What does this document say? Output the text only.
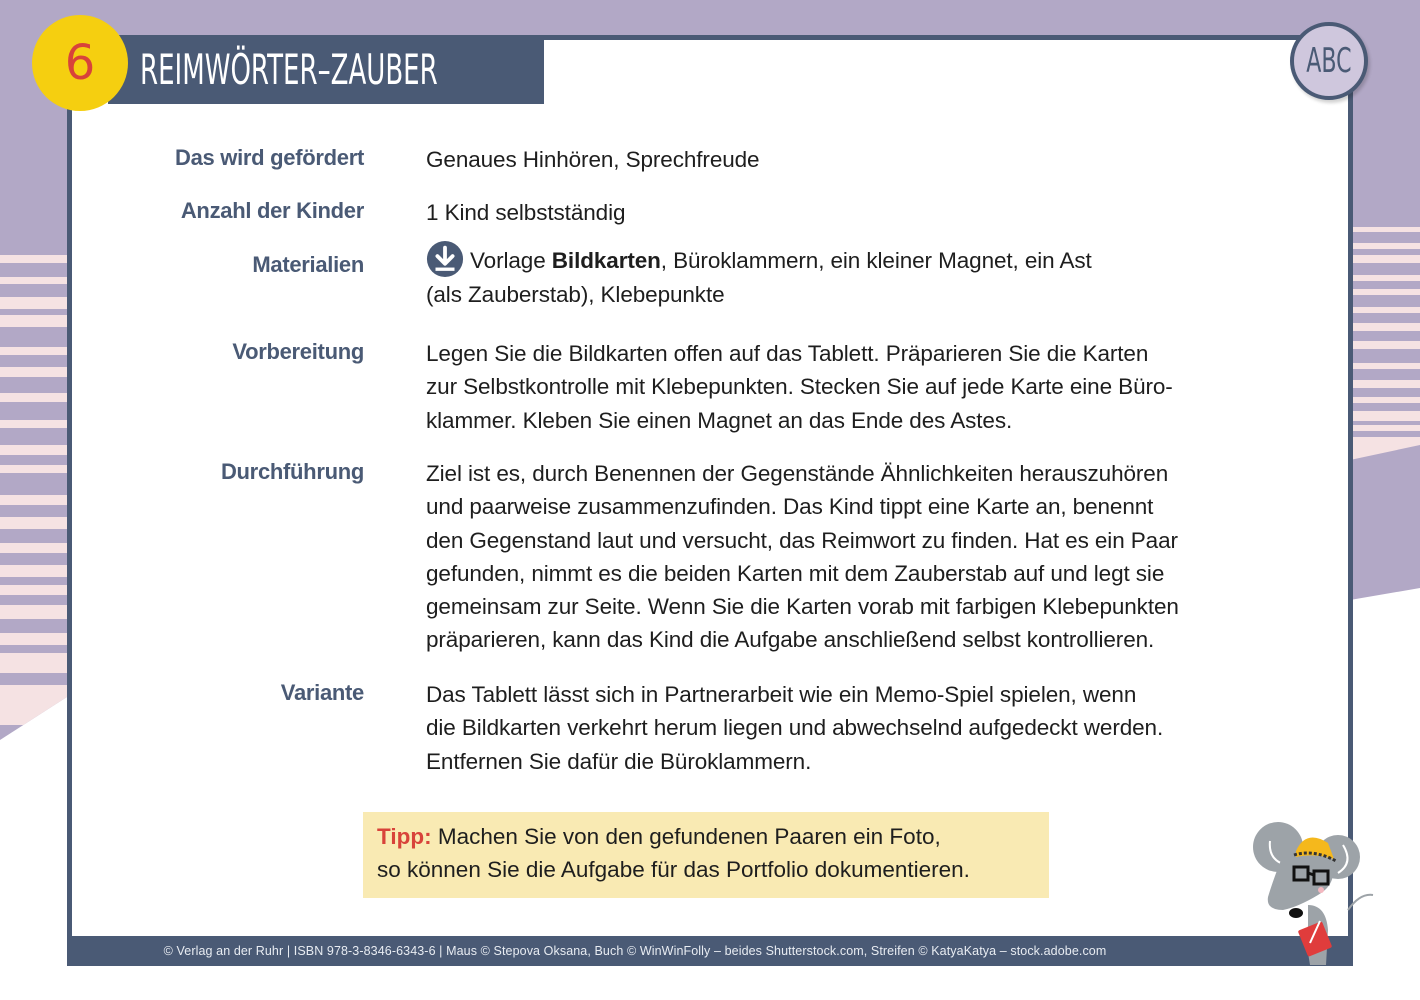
REIMWÖRTER–ZAUBER
6	ABC
Das wird gefördert	Genaues Hinhören, Sprechfreude
Anzahl der Kinder	1 Kind selbstständig
Materialien	Vorlage Bildkarten, Büroklammern, ein kleiner Magnet, ein Ast
(als Zauberstab), Klebepunkte
Vorbereitung	Legen Sie die Bildkarten offen auf das Tablett. Präparieren Sie die Karten
zur Selbstkontrolle mit Klebepunkten. Stecken Sie auf jede Karte eine Büro-
klammer. Kleben Sie einen Magnet an das Ende des Astes.
Durchführung	Ziel ist es, durch Benennen der Gegenstände Ähnlichkeiten herauszuhören
und paarweise zusammenzufinden. Das Kind tippt eine Karte an, benennt
den Gegenstand laut und versucht, das Reimwort zu finden. Hat es ein Paar
gefunden, nimmt es die beiden Karten mit dem Zauberstab auf und legt sie
gemeinsam zur Seite. Wenn Sie die Karten vorab mit farbigen Klebepunkten
präparieren, kann das Kind die Aufgabe anschließend selbst kontrollieren.
Variante	Das Tablett lässt sich in Partnerarbeit wie ein Memo-Spiel spielen, wenn
die Bildkarten verkehrt herum liegen und abwechselnd aufgedeckt werden.
Entfernen Sie dafür die Büroklammern.
Tipp: Machen Sie von den gefundenen Paaren ein Foto,
so können Sie die Aufgabe für das Portfolio dokumentieren.
© Verlag an der Ruhr | ISBN 978-3-8346-6343-6 | Maus © Stepova Oksana, Buch © WinWinFolly – beides Shutterstock.com, Streifen © KatyaKatya – stock.adobe.com
